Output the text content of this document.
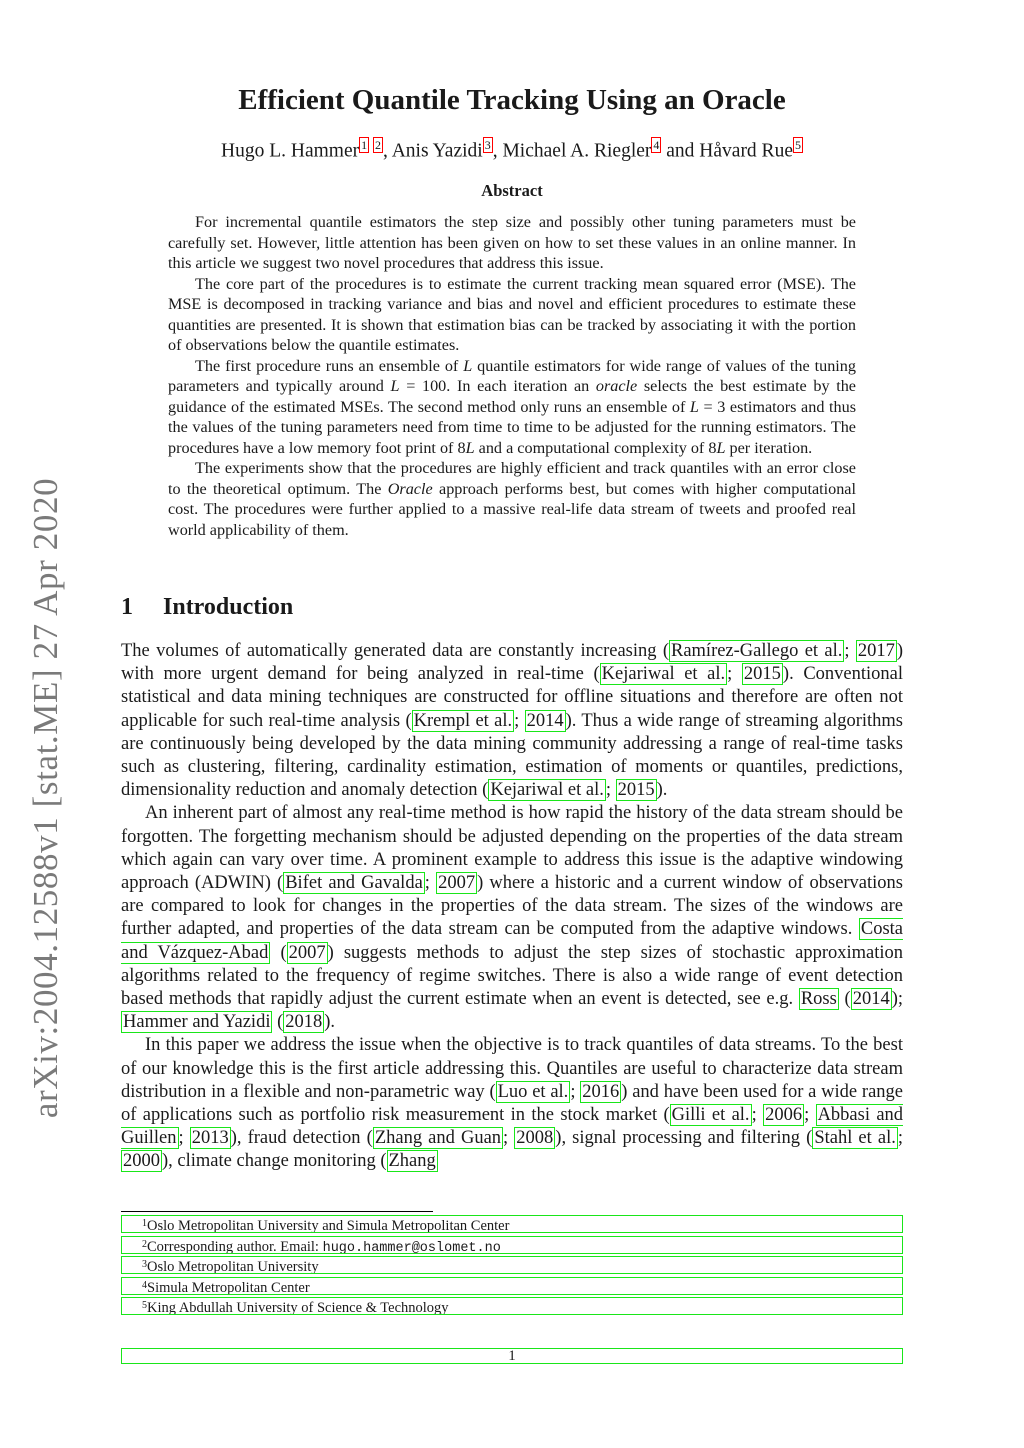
arXiv:2004.12588v1 [stat.ME] 27 Apr 2020
Efficient Quantile Tracking Using an Oracle
Hugo L. Hammer $^1$  $^2$ , Anis Yazidi $^3$ , Michael A. Riegler $^4$ and Håvard Rue $^5$
Abstract

For incremental quantile estimators the step size and possibly other tuning parameters must be carefully set. However, little attention has been given on how to set these values in an online manner. In this article we suggest two novel procedures that address this issue.

The core part of the procedures is to estimate the current tracking mean squared error (MSE). The MSE is decomposed in tracking variance and bias and novel and efficient procedures to estimate these quantities are presented. It is shown that estimation bias can be tracked by associating it with the portion of observations below the quantile estimates.

The first procedure runs an ensemble of L quantile estimators for wide range of values of the tuning parameters and typically around L = 100. In each iteration an oracle selects the best estimate by the guidance of the estimated MSEs. The second method only runs an ensemble of L = 3 estimators and thus the values of the tuning parameters need from time to time to be adjusted for the running estimators. The procedures have a low memory foot print of 8L and a computational complexity of 8L per iteration.

The experiments show that the procedures are highly efficient and track quantiles with an error close to the theoretical optimum. The Oracle approach performs best, but comes with higher computational cost. The procedures were further applied to a massive real-life data stream of tweets and proofed real world applicability of them.

1 Introduction

The volumes of automatically generated data are constantly increasing ( Ramírez-Gallego et al. ; 2017 ) with more urgent demand for being analyzed in real-time ( Kejariwal et al. ; 2015 ). Conventional statistical and data mining techniques are constructed for offline situations and therefore are often not applicable for such real-time analysis ( Krempl et al. ; 2014 ). Thus a wide range of streaming algorithms are continuously being developed by the data mining community addressing a range of real-time tasks such as clustering, filtering, cardinality estimation, estimation of moments or quantiles, predictions, dimensionality reduction and anomaly detection ( Kejariwal et al. ; 2015 ).

An inherent part of almost any real-time method is how rapid the history of the data stream should be forgotten. The forgetting mechanism should be adjusted depending on the properties of the data stream which again can vary over time. A prominent example to address this issue is the adaptive windowing approach (ADWIN) ( Bifet and Gavalda ; 2007 ) where a historic and a current window of observations are compared to look for changes in the properties of the data stream. The sizes of the windows are further adapted, and properties of the data stream can be computed from the adaptive windows. Costa and Vázquez-Abad ( 2007 ) suggests methods to adjust the step sizes of stochastic approximation algorithms related to the frequency of regime switches. There is also a wide range of event detection based methods that rapidly adjust the current estimate when an event is detected, see e.g. Ross ( 2014 ); Hammer and Yazidi ( 2018 ).

In this paper we address the issue when the objective is to track quantiles of data streams. To the best of our knowledge this is the first article addressing this. Quantiles are useful to characterize data stream distribution in a flexible and non-parametric way ( Luo et al. ; 2016 ) and have been used for a wide range of applications such as portfolio risk measurement in the stock market ( Gilli et al. ; 2006 ; Abbasi and Guillen ; 2013 ), fraud detection ( Zhang and Guan ; 2008 ), signal processing and filtering ( Stahl et al. ; 2000 ), climate change monitoring ( Zhang

$^1$Oslo Metropolitan University and Simula Metropolitan Center
$^2$Corresponding author. Email: hugo.hammer@oslomet.no
$^3$Oslo Metropolitan University
$^4$Simula Metropolitan Center
$^5$King Abdullah University of Science & Technology
1
